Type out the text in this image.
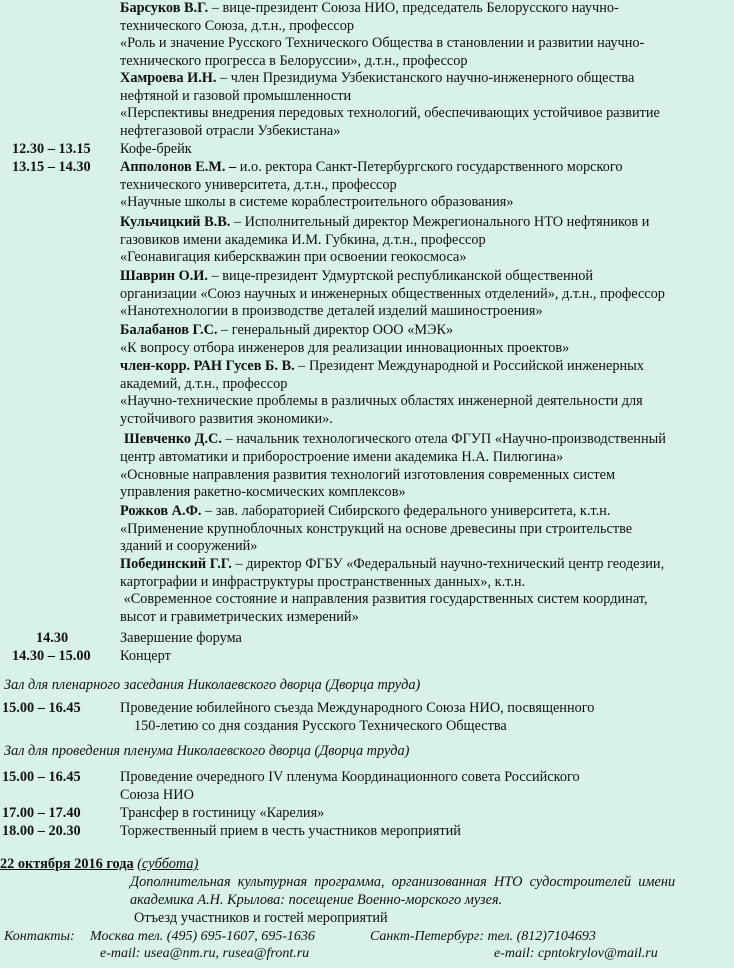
Барсуков В.Г. – вице-президент Союза НИО, председатель Белорусского научно-
технического Союза, д.т.н., профессор
«Роль и значение Русского Технического Общества в становлении и развитии научно-
технического прогресса в Белоруссии», д.т.н., профессор
Хамроева И.Н. – член Президиума Узбекистанского научно-инженерного общества
нефтяной и газовой промышленности
«Перспективы внедрения передовых технологий, обеспечивающих устойчивое развитие
нефтегазовой отрасли Узбекистана»
12.30 – 13.15 Кофе-брейк
13.15 – 14.30 Апполонов Е.М. – и.о. ректора Санкт-Петербургского государственного морского
технического университета, д.т.н., профессор
«Научные школы в системе кораблестроительного образования»
Кульчицкий В.В. – Исполнительный директор Межрегионального НТО нефтяников и
газовиков имени академика И.М. Губкина, д.т.н., профессор
«Геонавигация киберскважин при освоении геокосмоса»
Шаврин О.И. – вице-президент Удмуртской республиканской общественной
организации «Союз научных и инженерных общественных отделений», д.т.н., профессор
«Нанотехнологии в производстве деталей изделий машиностроения»
Балабанов Г.С. – генеральный директор ООО «МЭК»
«К вопросу отбора инженеров для реализации инновационных проектов»
член-корр. РАН Гусев Б. В. – Президент Международной и Российской инженерных
академий, д.т.н., профессор
«Научно-технические проблемы в различных областях инженерной деятельности для
устойчивого развития экономики».
Шевченко Д.С. – начальник технологического отела ФГУП «Научно-производственный
центр автоматики и приборостроение имени академика Н.А. Пилюгина»
«Основные направления развития технологий изготовления современных систем
управления ракетно-космических комплексов»
Рожков А.Ф. – зав. лабораторией Сибирского федерального университета, к.т.н.
«Применение крупноблочных конструкций на основе древесины при строительстве
зданий и сооружений»
Побединский Г.Г. – директор ФГБУ «Федеральный научно-технический центр геодезии,
картографии и инфраструктуры пространственных данных», к.т.н.
«Современное состояние и направления развития государственных систем координат,
высот и гравиметрических измерений»
14.30	Завершение форума
14.30 – 15.00 Концерт
Зал для пленарного заседания Николаевского дворца (Дворца труда)
15.00 – 16.45	Проведение юбилейного съезда Международного Союза НИО, посвященного
150-летию со дня создания Русского Технического Общества
Зал для проведения пленума Николаевского дворца (Дворца труда)
15.00 – 16.45	Проведение очередного IV пленума Координационного совета Российского
Союза НИО
17.00 – 17.40	Трансфер в гостиницу «Карелия»
18.00 – 20.30	Торжественный прием в честь участников мероприятий
22 октября 2016 года (суббота)
Дополнительная  культурная  программа,  организованная  НТО  судостроителей  имени
академика А.Н. Крылова: посещение Военно-морского музея.
Отъезд участников и гостей мероприятий
Контакты: Москва тел. (495) 695-1607, 695-1636	Санкт-Петербург: тел. (812)7104693
e-mail: usea@nm.ru, rusea@front.ru	e-mail: cpntokrylov@mail.ru
